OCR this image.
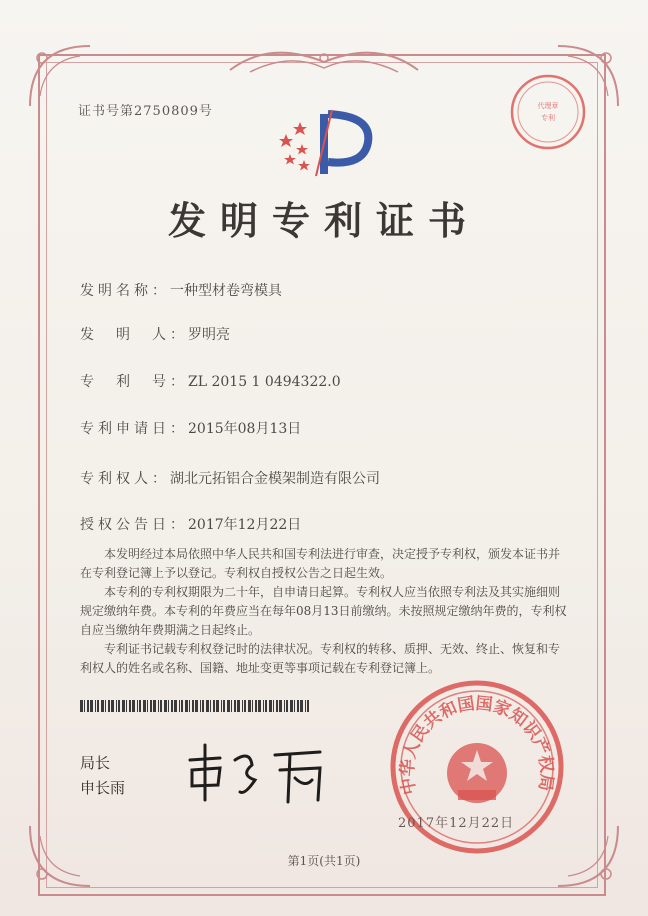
证书号第2750809号	代理章
专利
发明专利证书
发明名称：一种型材卷弯模具
发　明　人：罗明亮
专　利　号：ZL 2015 1 0494322.0
专利申请日：2015年08月13日
专利权人：湖北元拓铝合金模架制造有限公司
授权公告日：2017年12月22日

本发明经过本局依照中华人民共和国专利法进行审查，决定授予专利权，颁发本证书并在专利登记簿上予以登记。专利权自授权公告之日起生效。

本专利的专利权期限为二十年，自申请日起算。专利权人应当依照专利法及其实施细则规定缴纳年费。本专利的年费应当在每年08月13日前缴纳。未按照规定缴纳年费的，专利权自应当缴纳年费期满之日起终止。

专利证书记载专利权登记时的法律状况。专利权的转移、质押、无效、终止、恢复和专利权人的姓名或名称、国籍、地址变更等事项记载在专利登记簿上。

局长
申长雨	中华人民共和国国家知识产权局
2017年12月22日
第1页(共1页)
